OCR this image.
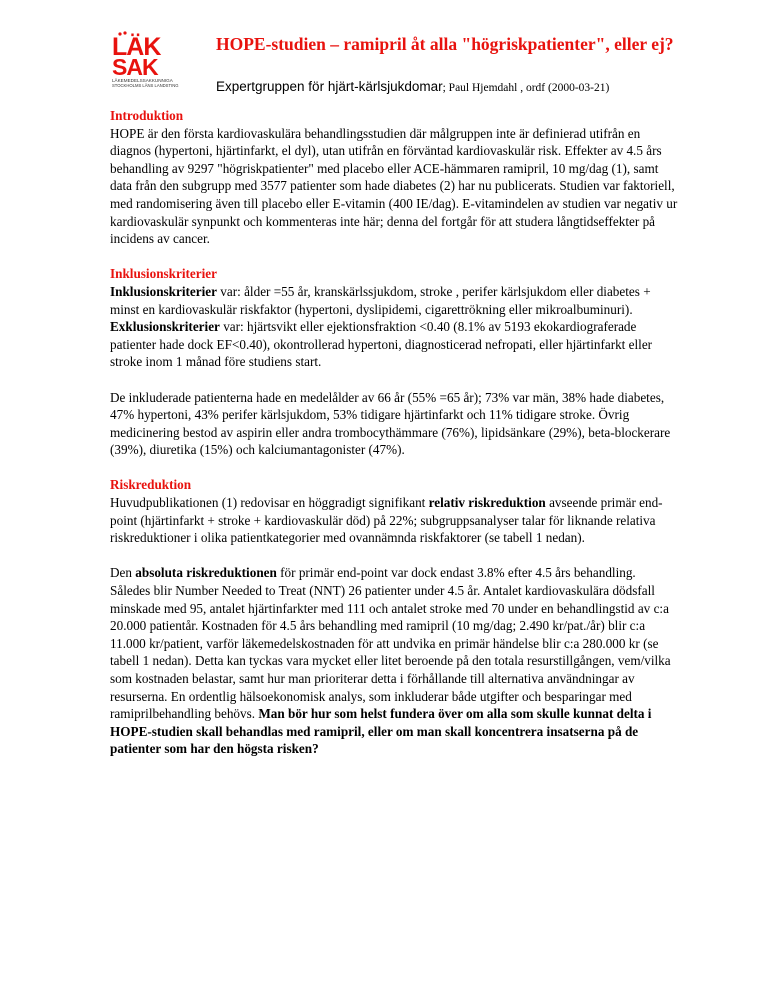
LÄK
SAK
LÄKEMEDELSSAKKUNNIGA
STOCKHOLMS LÄNS LANDSTING
HOPE-studien – ramipril åt alla "högriskpatienter", eller ej?
Expertgruppen för hjärt-kärlsjukdomar; Paul Hjemdahl , ordf (2000-03-21)

Introduktion
HOPE är den första kardiovaskulära behandlingsstudien där målgruppen inte är definierad utifrån en diagnos (hypertoni, hjärtinfarkt, el dyl), utan utifrån en förväntad kardiovaskulär risk. Effekter av 4.5 års behandling av 9297 "högriskpatienter" med placebo eller ACE-hämmaren ramipril, 10 mg/dag (1), samt data från den subgrupp med 3577 patienter som hade diabetes (2) har nu publicerats. Studien var faktoriell, med randomisering även till placebo eller E-vitamin (400 IE/dag). E-vitamindelen av studien var negativ ur kardiovaskulär synpunkt och kommenteras inte här; denna del fortgår för att studera långtidseffekter på incidens av cancer.

Inklusionskriterier
Inklusionskriterier var: ålder =55 år, kranskärlssjukdom, stroke , perifer kärlsjukdom eller diabetes + minst en kardiovaskulär riskfaktor (hypertoni, dyslipidemi, cigarettrökning eller mikroalbuminuri). Exklusionskriterier var: hjärtsvikt eller ejektionsfraktion <0.40 (8.1% av 5193 ekokardiograferade patienter hade dock EF<0.40), okontrollerad hypertoni, diagnosticerad nefropati, eller hjärtinfarkt eller stroke inom 1 månad före studiens start.

De inkluderade patienterna hade en medelålder av 66 år (55% =65 år); 73% var män, 38% hade diabetes, 47% hypertoni, 43% perifer kärlsjukdom, 53% tidigare hjärtinfarkt och 11% tidigare stroke. Övrig medicinering bestod av aspirin eller andra trombocythämmare (76%), lipidsänkare (29%), beta-blockerare (39%), diuretika (15%) och kalciumantagonister (47%).

Riskreduktion
Huvudpublikationen (1) redovisar en höggradigt signifikant relativ riskreduktion avseende primär end-point (hjärtinfarkt + stroke + kardiovaskulär död) på 22%; subgruppsanalyser talar för liknande relativa riskreduktioner i olika patientkategorier med ovannämnda riskfaktorer (se tabell 1 nedan).

Den absoluta riskreduktionen för primär end-point var dock endast 3.8% efter 4.5 års behandling. Således blir Number Needed to Treat (NNT) 26 patienter under 4.5 år. Antalet kardiovaskulära dödsfall minskade med 95, antalet hjärtinfarkter med 111 och antalet stroke med 70 under en behandlingstid av c:a 20.000 patientår. Kostnaden för 4.5 års behandling med ramipril (10 mg/dag; 2.490 kr/pat./år) blir c:a 11.000 kr/patient, varför läkemedelskostnaden för att undvika en primär händelse blir c:a 280.000 kr (se tabell 1 nedan). Detta kan tyckas vara mycket eller litet beroende på den totala resurstillgången, vem/vilka som kostnaden belastar, samt hur man prioriterar detta i förhållande till alternativa användningar av resurserna. En ordentlig hälsoekonomisk analys, som inkluderar både utgifter och besparingar med ramiprilbehandling behövs. Man bör hur som helst fundera över om alla som skulle kunnat delta i HOPE-studien skall behandlas med ramipril, eller om man skall koncentrera insatserna på de patienter som har den högsta risken?
